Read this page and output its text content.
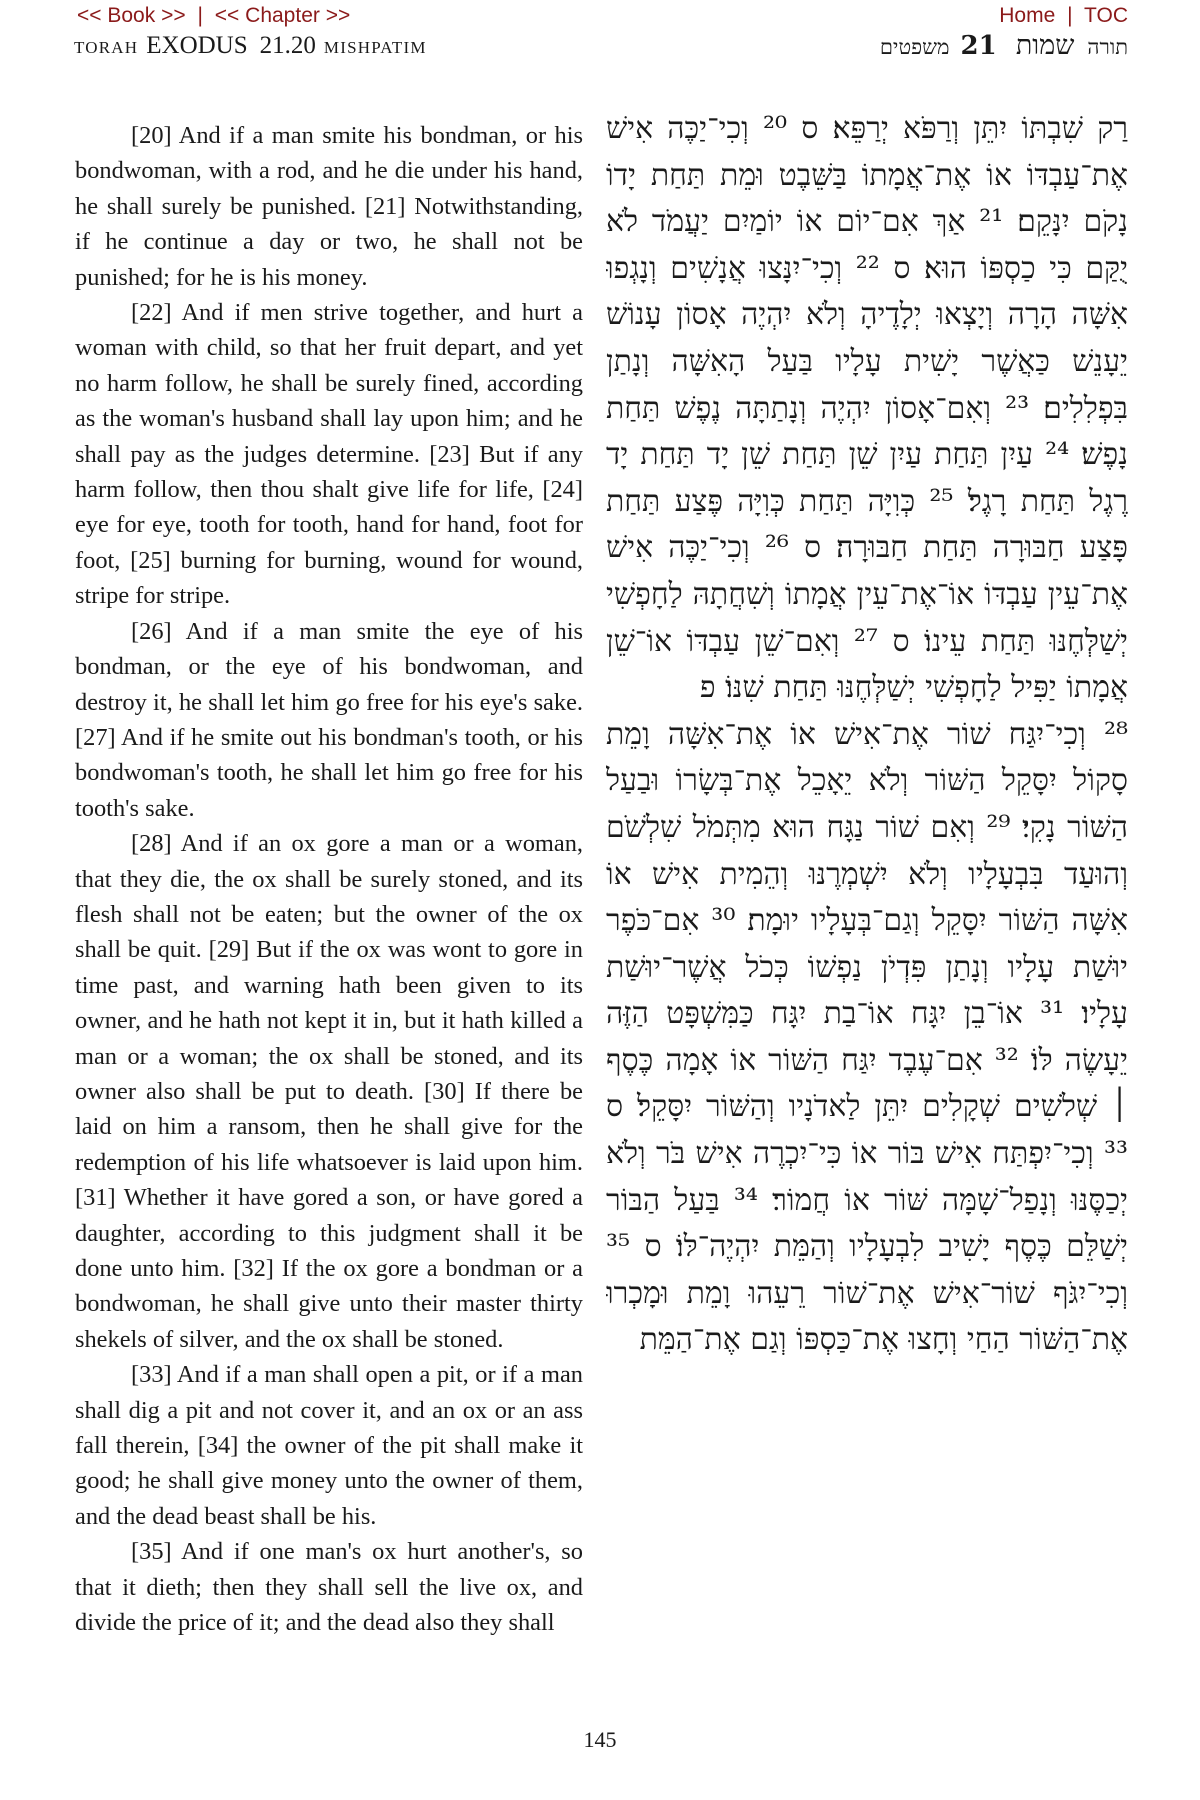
<< Book >> | << Chapter >>	Home | TOC
TORAH EXODUS 21.20 MISHPATIM	תורה שמות 21 משפטים

[20] And if a man smite his bondman, or his bondwoman, with a rod, and he die under his hand, he shall surely be punished. [21] Notwithstanding, if he continue a day or two, he shall not be punished; for he is his money.

[22] And if men strive together, and hurt a woman with child, so that her fruit depart, and yet no harm follow, he shall be surely fined, according as the woman's husband shall lay upon him; and he shall pay as the judges determine. [23] But if any harm follow, then thou shalt give life for life, [24] eye for eye, tooth for tooth, hand for hand, foot for foot, [25] burning for burning, wound for wound, stripe for stripe.

[26] And if a man smite the eye of his bondman, or the eye of his bondwoman, and destroy it, he shall let him go free for his eye's sake. [27] And if he smite out his bondman's tooth, or his bondwoman's tooth, he shall let him go free for his tooth's sake.

[28] And if an ox gore a man or a woman, that they die, the ox shall be surely stoned, and its flesh shall not be eaten; but the owner of the ox shall be quit. [29] But if the ox was wont to gore in time past, and warning hath been given to its owner, and he hath not kept it in, but it hath killed a man or a woman; the ox shall be stoned, and its owner also shall be put to death. [30] If there be laid on him a ransom, then he shall give for the redemption of his life whatsoever is laid upon him. [31] Whether it have gored a son, or have gored a daughter, according to this judgment shall it be done unto him. [32] If the ox gore a bondman or a bondwoman, he shall give unto their master thirty shekels of silver, and the ox shall be stoned.

[33] And if a man shall open a pit, or if a man shall dig a pit and not cover it, and an ox or an ass fall therein, [34] the owner of the pit shall make it good; he shall give money unto the owner of them, and the dead beast shall be his.

[35] And if one man's ox hurt another's, so that it dieth; then they shall sell the live ox, and divide the price of it; and the dead also they shall

רַק שִׁבְתּוֹ יִתֵּן וְרַפֹּא יְרַפֵּא׃ ס ²⁰ וְכִי־יַכֶּה אִישׁ אֶת־עַבְדּוֹ אוֹ אֶת־אֲמָתוֹ בַּשֵּׁבֶט וּמֵת תַּחַת יָדוֹ נָקֹם יִנָּקֵם׃ ²¹ אַךְ אִם־יוֹם אוֹ יוֹמַיִם יַעֲמֹד לֹא יֻקַּם כִּי כַסְפּוֹ הוּא׃ ס ²² וְכִי־יִנָּצוּ אֲנָשִׁים וְנָגְפוּ אִשָּׁה הָרָה וְיָצְאוּ יְלָדֶיהָ וְלֹא יִהְיֶה אָסוֹן עָנוֹשׁ יֵעָנֵשׁ כַּאֲשֶׁר יָשִׁית עָלָיו בַּעַל הָאִשָּׁה וְנָתַן בִּפְלִלִים׃ ²³ וְאִם־אָסוֹן יִהְיֶה וְנָתַתָּה נֶפֶשׁ תַּחַת נָפֶשׁ׃ ²⁴ עַיִן תַּחַת עַיִן שֵׁן תַּחַת שֵׁן יָד תַּחַת יָד רֶגֶל תַּחַת רָגֶל׃ ²⁵ כְּוִיָּה תַּחַת כְּוִיָּה פֶּצַע תַּחַת פָּצַע חַבּוּרָה תַּחַת חַבּוּרָה׃ ס ²⁶ וְכִי־יַכֶּה אִישׁ אֶת־עֵין עַבְדּוֹ אוֹ־אֶת־עֵין אֲמָתוֹ וְשִׁחֲתָהּ לַחָפְשִׁי יְשַׁלְּחֶנּוּ תַּחַת עֵינוֹ׃ ס ²⁷ וְאִם־שֵׁן עַבְדּוֹ אוֹ־שֵׁן אֲמָתוֹ יַפִּיל לַחָפְשִׁי יְשַׁלְּחֶנּוּ תַּחַת שִׁנּוֹ׃ פ

²⁸ וְכִי־יִגַּח שׁוֹר אֶת־אִישׁ אוֹ אֶת־אִשָּׁה וָמֵת סָקוֹל יִסָּקֵל הַשּׁוֹר וְלֹא יֵאָכֵל אֶת־בְּשָׂרוֹ וּבַעַל הַשּׁוֹר נָקִי׃ ²⁹ וְאִם שׁוֹר נַגָּח הוּא מִתְּמֹל שִׁלְשֹׁם וְהוּעַד בִּבְעָלָיו וְלֹא יִשְׁמְרֶנּוּ וְהֵמִית אִישׁ אוֹ אִשָּׁה הַשּׁוֹר יִסָּקֵל וְגַם־בְּעָלָיו יוּמָת׃ ³⁰ אִם־כֹּפֶר יוּשַׁת עָלָיו וְנָתַן פִּדְיֹן נַפְשׁוֹ כְּכֹל אֲשֶׁר־יוּשַׁת עָלָיו׃ ³¹ אוֹ־בֵן יִגָּח אוֹ־בַת יִגָּח כַּמִּשְׁפָּט הַזֶּה יֵעָשֶׂה לּוֹ׃ ³² אִם־עֶבֶד יִגַּח הַשּׁוֹר אוֹ אָמָה כֶּסֶף ׀ שְׁלֹשִׁים שְׁקָלִים יִתֵּן לַאדֹנָיו וְהַשּׁוֹר יִסָּקֵל׃ ס ³³ וְכִי־יִפְתַּח אִישׁ בּוֹר אוֹ כִּי־יִכְרֶה אִישׁ בֹּר וְלֹא יְכַסֶּנּוּ וְנָפַל־שָׁמָּה שּׁוֹר אוֹ חֲמוֹר׃ ³⁴ בַּעַל הַבּוֹר יְשַׁלֵּם כֶּסֶף יָשִׁיב לִבְעָלָיו וְהַמֵּת יִהְיֶה־לּוֹ׃ ס ³⁵ וְכִי־יִגֹּף שׁוֹר־אִישׁ אֶת־שׁוֹר רֵעֵהוּ וָמֵת וּמָכְרוּ אֶת־הַשּׁוֹר הַחַי וְחָצוּ אֶת־כַּסְפּוֹ וְגַם אֶת־הַמֵּת

145
